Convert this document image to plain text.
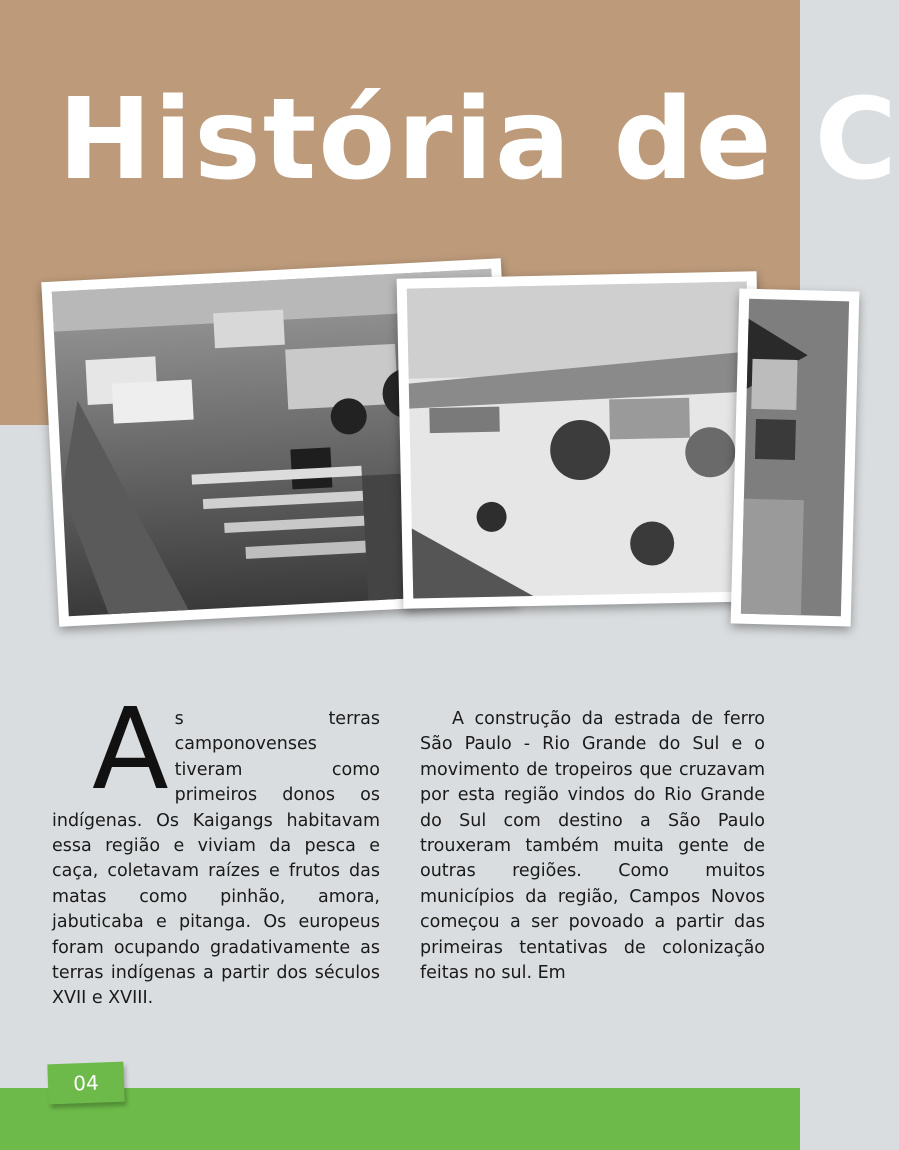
História de C
As terras camponovenses tiveram como primeiros donos os indígenas. Os Kaigangs habitavam essa região e viviam da pesca e caça, coletavam raízes e frutos das matas como pinhão, amora, jabuticaba e pitanga. Os europeus foram ocupando gradativamente as terras indígenas a partir dos séculos XVII e XVIII.

A construção da estrada de ferro São Paulo - Rio Grande do Sul e o movimento de tropeiros que cruzavam por esta região vindos do Rio Grande do Sul com destino a São Paulo trouxeram também muita gente de outras regiões. Como muitos municípios da região, Campos Novos começou a ser povoado a partir das primeiras tentativas de colonização feitas no sul. Em

04
